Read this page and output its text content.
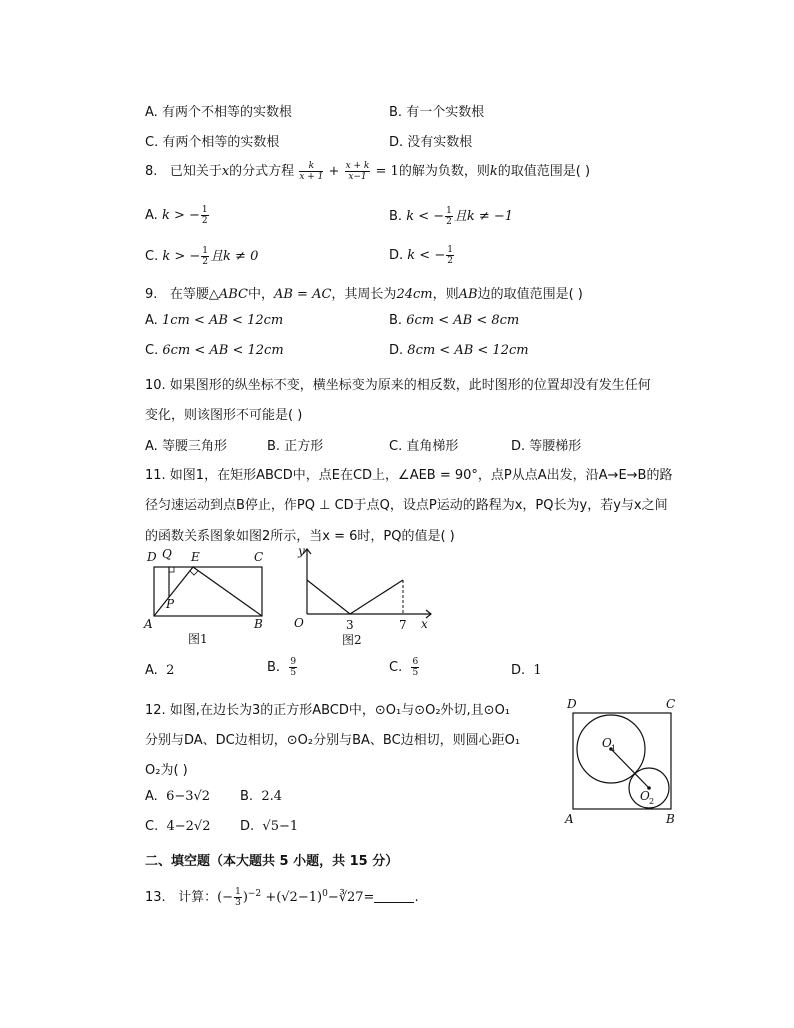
A. 有两个不相等的实数根	B. 有一个实数根
C. 有两个相等的实数根	D. 没有实数根
8. 已知关于x的分式方程 $\frac{k}{x + 1} + \frac{x + k}{x-1} = 1$的解为负数，则k的取值范围是( )
A. k > − $\frac{1}{2}$	B. k < − $\frac{1}{2}$ 且k ≠ −1
C. k > − $\frac{1}{2}$ 且k ≠ 0	D. k < − $\frac{1}{2}$
9. 在等腰△ABC中，AB = AC，其周长为24cm，则AB边的取值范围是( )
A. 1cm < AB < 12cm	B. 6cm < AB < 8cm
C. 6cm < AB < 12cm	D. 8cm < AB < 12cm
10. 如果图形的纵坐标不变，横坐标变为原来的相反数，此时图形的位置却没有发生任何
变化，则该图形不可能是( )
A. 等腰三角形	B. 正方形	C. 直角梯形	D. 等腰梯形
11. 如图1，在矩形ABCD中，点E在CD上，∠AEB = 90°，点P从点A出发，沿A→E→B的路
径匀速运动到点B停止，作PQ ⊥ CD于点Q，设点P运动的路程为x，PQ长为y，若y与x之间
的函数关系图象如图2所示，当x = 6时，PQ的值是( )
D Q E	C
P
A	B
图1
y
O	3	7 x
图2
A. 2	B. $\frac{9}{5}$	C. $\frac{6}{5}$	D. 1
12. 如图,在边长为3的正方形ABCD中，⊙O₁与⊙O₂外切,且⊙O₁
分别与DA、DC边相切，⊙O₂分别与BA、BC边相切，则圆心距O₁
O₂为( )
D	C
A	B
O 1
O 2
A. 6−3√2 B. 2.4
C. 4−2√2 D. √5−1
二、填空题（本大题共 5 小题，共 15 分）
13. 计算：(− $\frac{1}{3} )^{-2}$ $+(√2-1)^0-∛27=$	.
